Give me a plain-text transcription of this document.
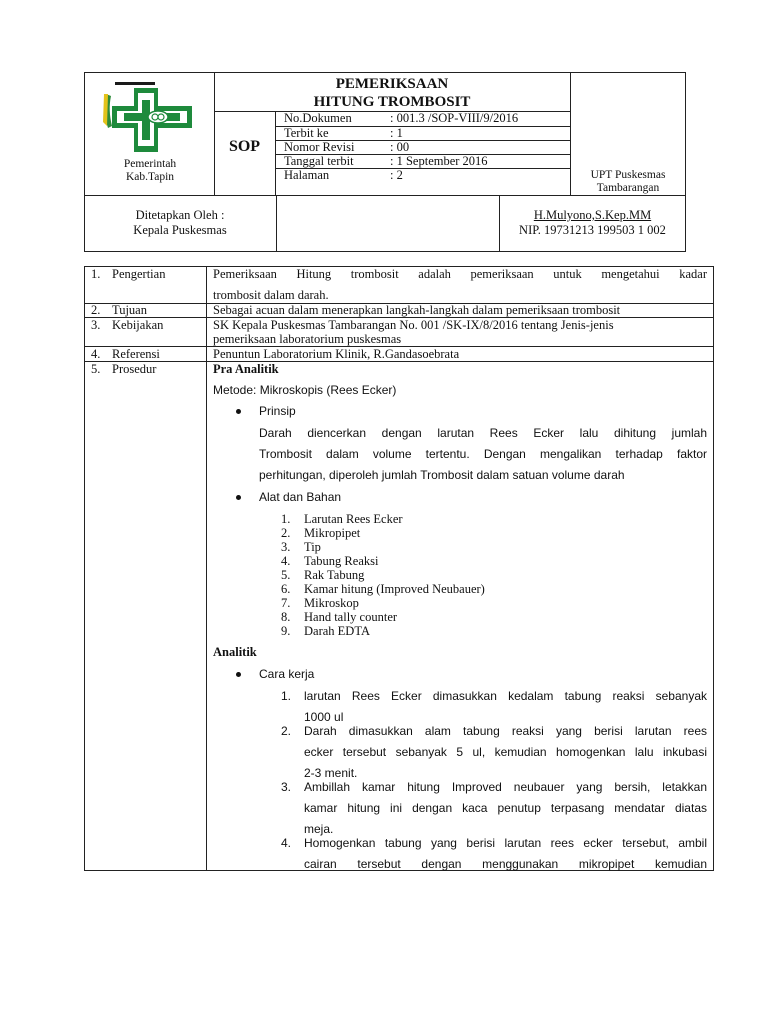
Pemerintah
Kab.Tapin
PEMERIKSAAN
HITUNG TROMBOSIT
SOP
No.Dokumen	: 001.3 /SOP-VIII/9/2016
Terbit ke	: 1
Nomor Revisi	: 00
Tanggal terbit	: 1 September 2016
Halaman	: 2	UPT Puskesmas
Tambarangan
Ditetapkan Oleh :
Kepala Puskesmas
H.Mulyono,S.Kep.MM
NIP. 19731213 199503 1 002
1. Pengertian	Pemeriksaan Hitung trombosit adalah pemeriksaan untuk mengetahui kadar
trombosit dalam darah.
2. Tujuan	Sebagai acuan dalam menerapkan langkah-langkah dalam pemeriksaan trombosit
3. Kebijakan	SK Kepala Puskesmas Tambarangan No. 001 /SK-IX/8/2016 tentang Jenis-jenis
pemeriksaan laboratorium puskesmas
4. Referensi	Penuntun Laboratorium Klinik, R.Gandasoebrata
5. Prosedur	Pra Analitik
Metode: Mikroskopis (Rees Ecker)
Prinsip
Darah diencerkan dengan larutan Rees Ecker lalu dihitung jumlah
Trombosit dalam volume tertentu. Dengan mengalikan terhadap faktor
perhitungan, diperoleh jumlah Trombosit dalam satuan volume darah
Alat dan Bahan
1. Larutan Rees Ecker
2. Mikropipet
3. Tip
4. Tabung Reaksi
5. Rak Tabung
6. Kamar hitung (Improved Neubauer)
7. Mikroskop
8. Hand tally counter
9. Darah EDTA
Analitik
Cara kerja
1. larutan Rees Ecker dimasukkan kedalam tabung reaksi sebanyak
1000 ul
2. Darah dimasukkan alam tabung reaksi yang berisi larutan rees
ecker tersebut sebanyak 5 ul, kemudian homogenkan lalu inkubasi
2-3 menit.
3. Ambillah kamar hitung Improved neubauer yang bersih, letakkan
kamar hitung ini dengan kaca penutup terpasang mendatar diatas
meja.
4. Homogenkan tabung yang berisi larutan rees ecker tersebut, ambil
cairan tersebut dengan menggunakan mikropipet kemudian
